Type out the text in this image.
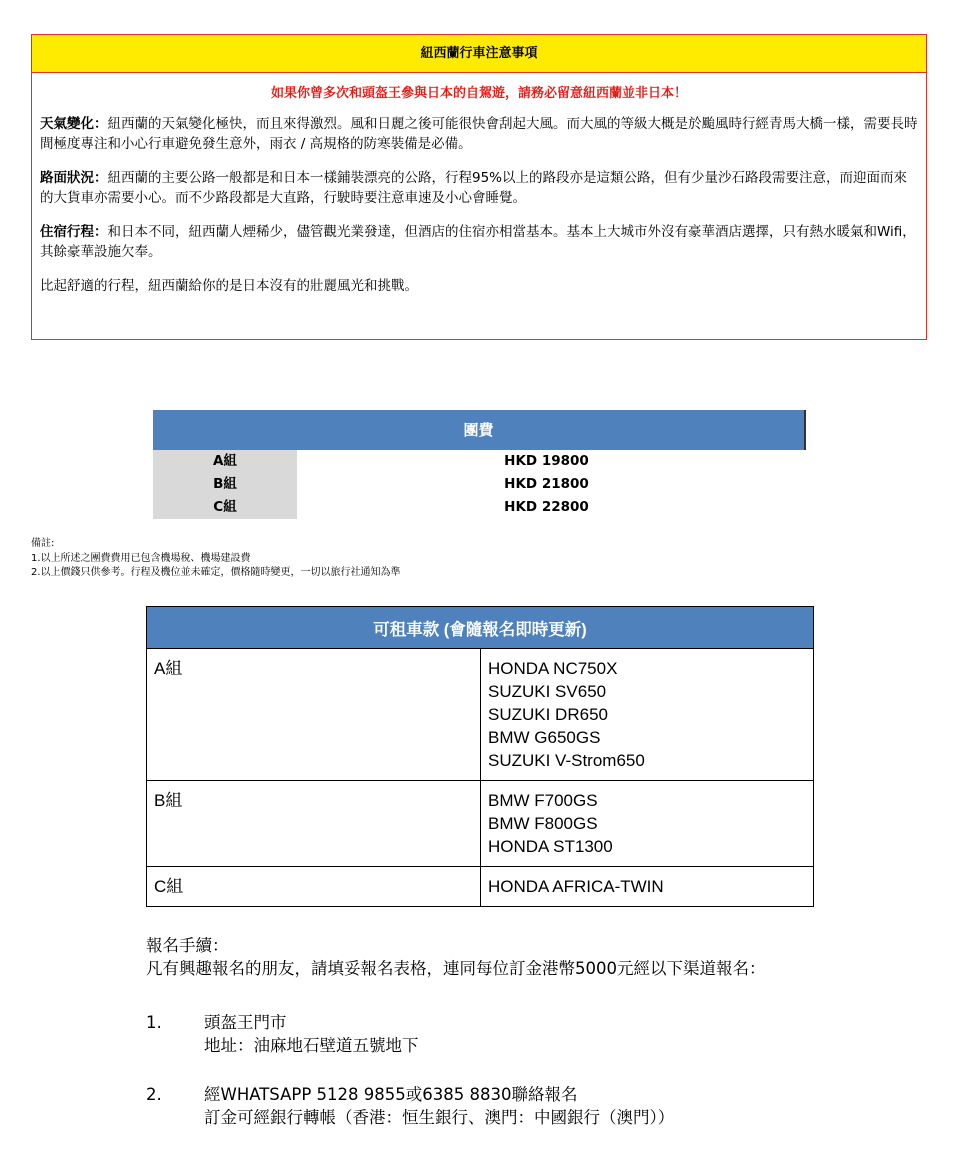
紐西蘭行車注意事項
如果你曾多次和頭盔王參與日本的自駕遊，請務必留意紐西蘭並非日本！
天氣變化：紐西蘭的天氣變化極快，而且來得激烈。風和日麗之後可能很快會刮起大風。而大風的等級大概是於颱風時行經青馬大橋一樣，需要長時間極度專注和小心行車避免發生意外，雨衣 / 高規格的防寒裝備是必備。
路面狀況：紐西蘭的主要公路一般都是和日本一樣鋪裝漂亮的公路，行程95%以上的路段亦是這類公路，但有少量沙石路段需要注意，而迎面而來的大貨車亦需要小心。而不少路段都是大直路，行駛時要注意車速及小心會睡覺。
住宿行程：和日本不同，紐西蘭人煙稀少，儘管觀光業發達，但酒店的住宿亦相當基本。基本上大城市外沒有豪華酒店選擇，只有熱水暖氣和Wifi，其餘豪華設施欠奉。
比起舒適的行程，紐西蘭給你的是日本沒有的壯麗風光和挑戰。
團費
A組	HKD 19800
B組	HKD 21800
C組	HKD 22800
備註:
1.以上所述之團費費用已包含機場稅、機場建設費
2.以上價錢只供參考。行程及機位並未確定，價格隨時變更，一切以旅行社通知為準
可租車款 (會隨報名即時更新)	
A組	HONDA NC750X
SUZUKI SV650
SUZUKI DR650
BMW G650GS
SUZUKI V-Strom650

B組	BMW F700GS
BMW F800GS
HONDA ST1300

C組	HONDA AFRICA-TWIN
報名手續：
凡有興趣報名的朋友，請填妥報名表格，連同每位訂金港幣5000元經以下渠道報名：
1.	頭盔王門市
地址：油麻地石壁道五號地下
2.	經WHATSAPP 5128 9855或6385 8830聯絡報名
訂金可經銀行轉帳（香港：恒生銀行、澳門：中國銀行（澳門））
